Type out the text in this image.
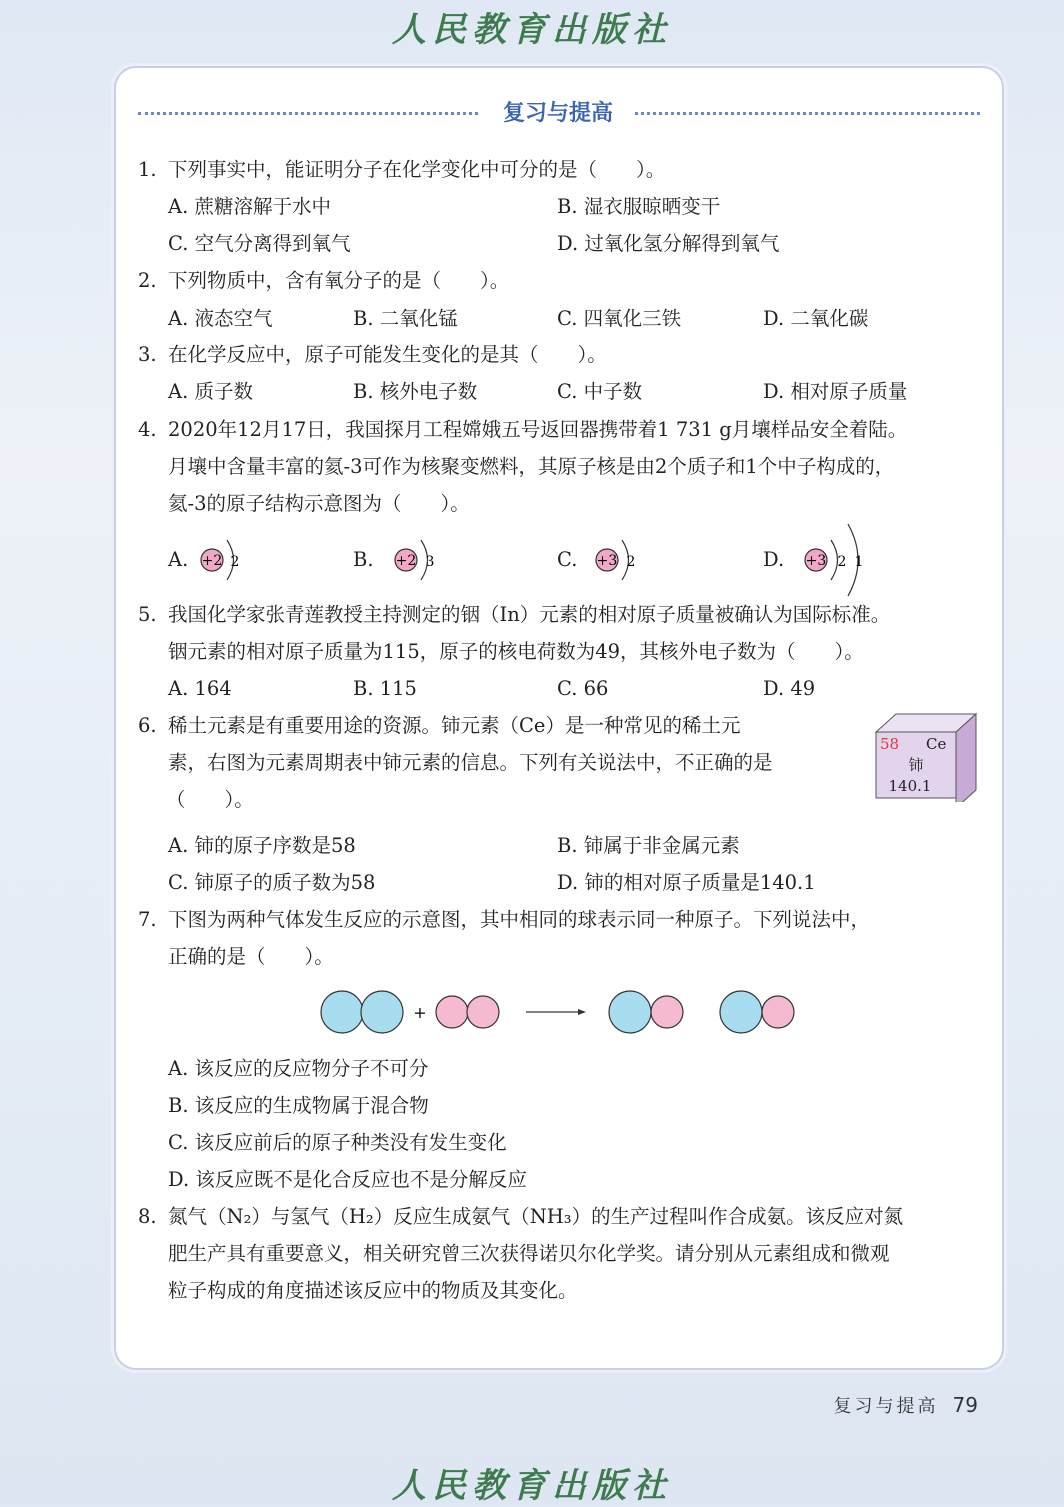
人民教育出版社
复习与提高
1. 下列事实中，能证明分子在化学变化中可分的是（　　）。
A. 蔗糖溶解于水中	B. 湿衣服晾晒变干
C. 空气分离得到氧气	D. 过氧化氢分解得到氧气
2. 下列物质中，含有氧分子的是（　　）。
A. 液态空气	B. 二氧化锰	C. 四氧化三铁	D. 二氧化碳
3. 在化学反应中，原子可能发生变化的是其（　　）。
A. 质子数	B. 核外电子数	C. 中子数	D. 相对原子质量
4. 2020年12月17日，我国探月工程嫦娥五号返回器携带着1 731 g月壤样品安全着陆。
月壤中含量丰富的氦-3可作为核聚变燃料，其原子核是由2个质子和1个中子构成的，
氦-3的原子结构示意图为（　　）。
A.	B.	C.	D.
+2 2	+2 3	+3 2	+3 2 1
5. 我国化学家张青莲教授主持测定的铟（In）元素的相对原子质量被确认为国际标准。
铟元素的相对原子质量为115，原子的核电荷数为49，其核外电子数为（　　）。
A. 164	B. 115	C. 66	D. 49
6. 稀土元素是有重要用途的资源。铈元素（Ce）是一种常见的稀土元
素，右图为元素周期表中铈元素的信息。下列有关说法中，不正确的是
（　　）。
58 Ce
铈
140.1
A. 铈的原子序数是58	B. 铈属于非金属元素
C. 铈原子的质子数为58	D. 铈的相对原子质量是140.1
7. 下图为两种气体发生反应的示意图，其中相同的球表示同一种原子。下列说法中，
正确的是（　　）。
+
A. 该反应的反应物分子不可分
B. 该反应的生成物属于混合物
C. 该反应前后的原子种类没有发生变化
D. 该反应既不是化合反应也不是分解反应
8. 氮气（N₂）与氢气（H₂）反应生成氨气（NH₃）的生产过程叫作合成氨。该反应对氮
肥生产具有重要意义，相关研究曾三次获得诺贝尔化学奖。请分别从元素组成和微观
粒子构成的角度描述该反应中的物质及其变化。
复习与提高 79
人民教育出版社
